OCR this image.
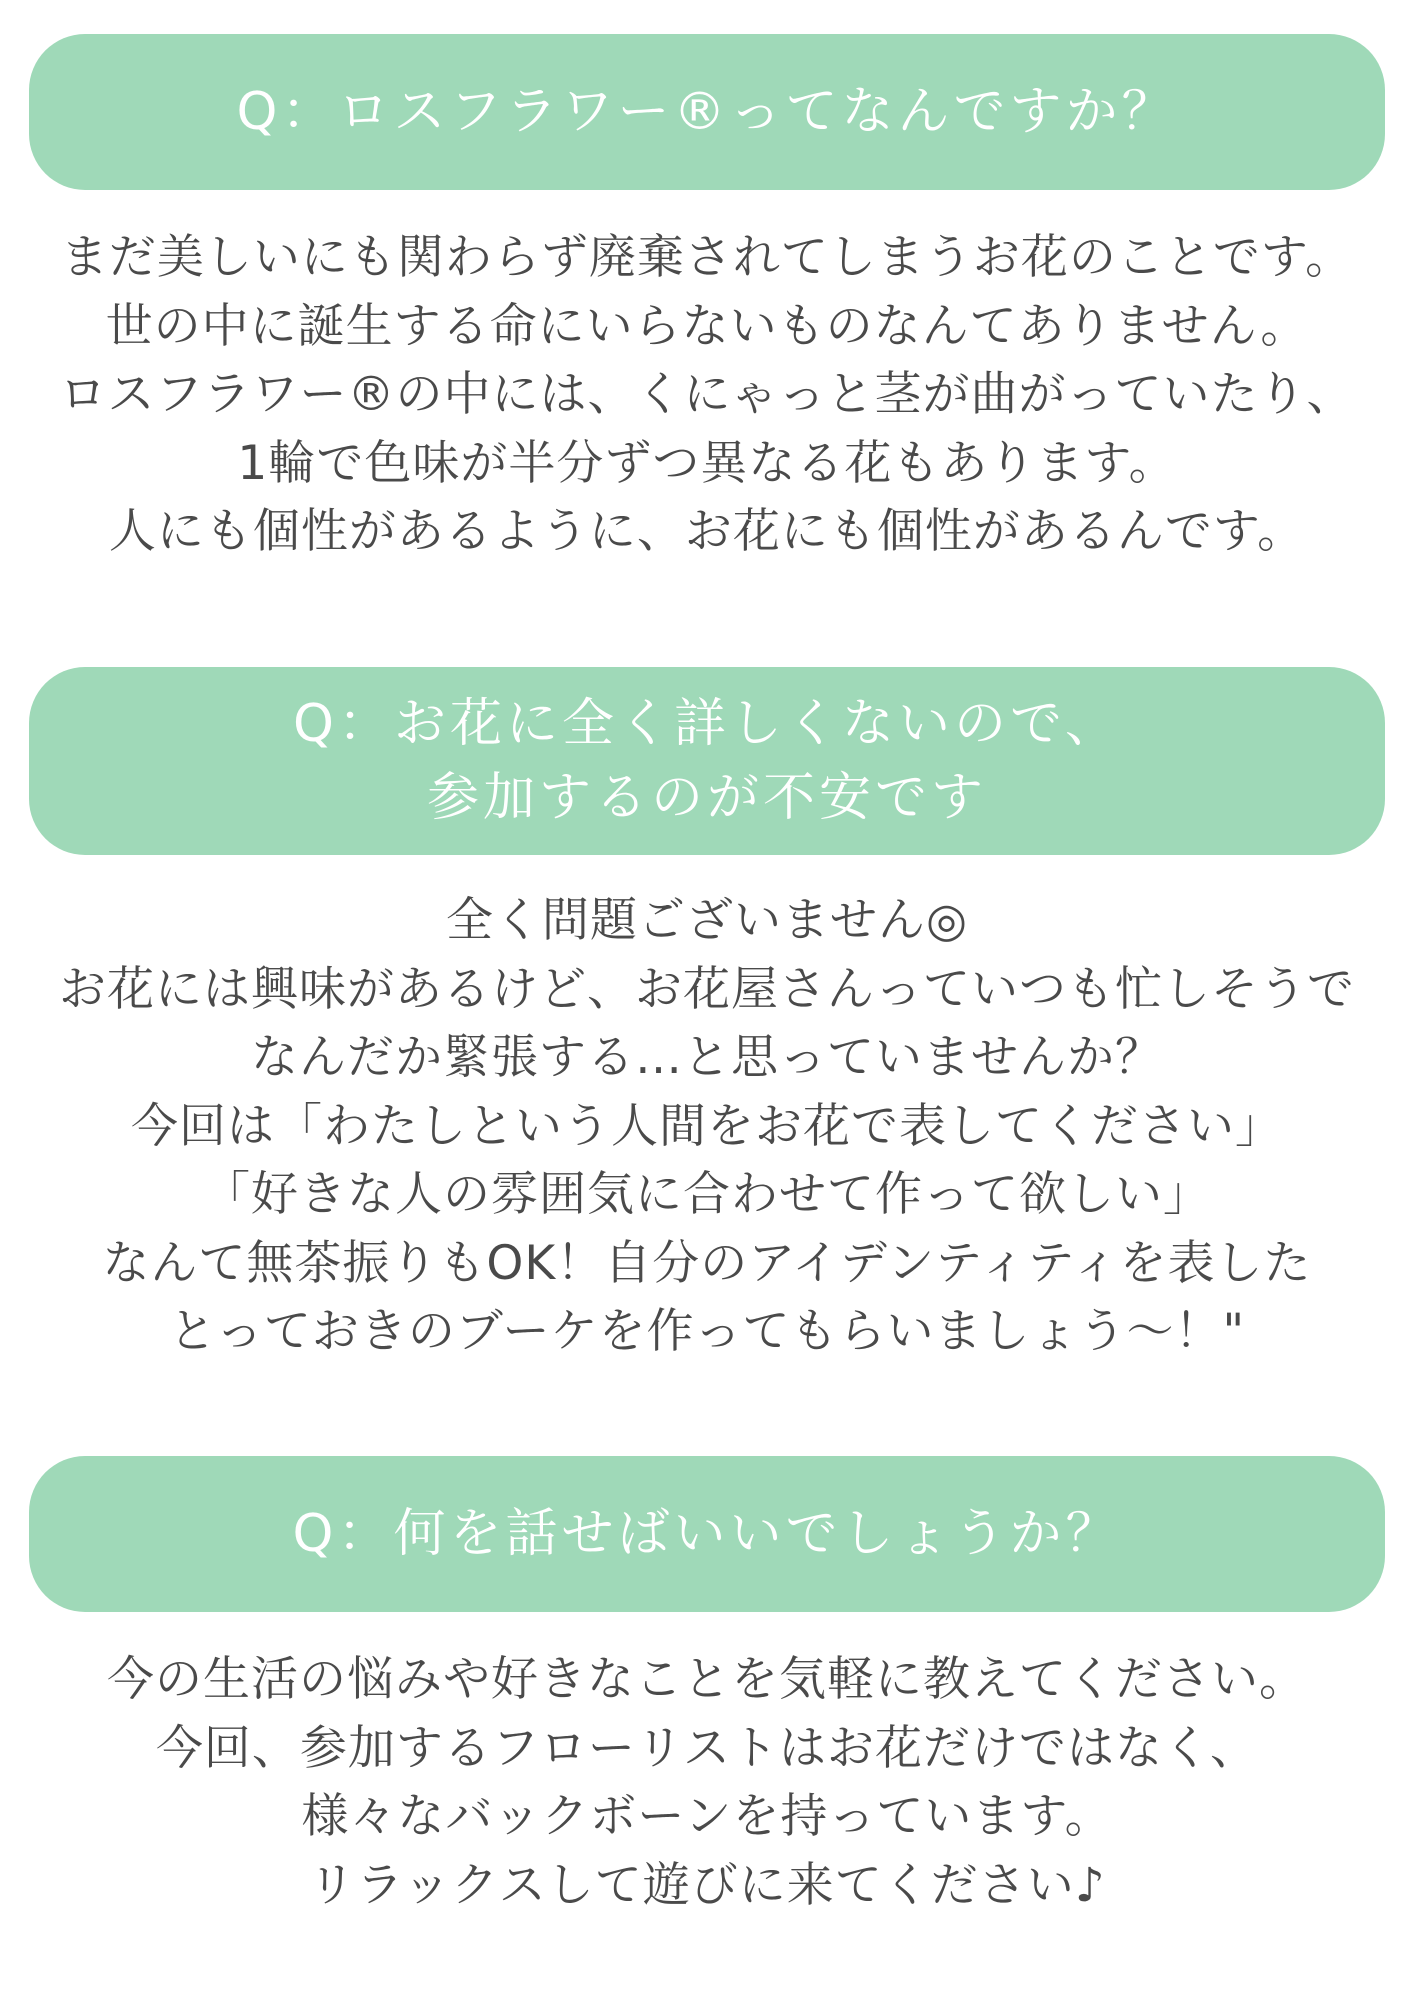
Q：ロスフラワー®ってなんですか？
まだ美しいにも関わらず廃棄されてしまうお花のことです。
世の中に誕生する命にいらないものなんてありません。
ロスフラワー®の中には、くにゃっと茎が曲がっていたり、
1輪で色味が半分ずつ異なる花もあります。
人にも個性があるように、お花にも個性があるんです。
Q：お花に全く詳しくないので、
参加するのが不安です
全く問題ございません◎
お花には興味があるけど、お花屋さんっていつも忙しそうで
なんだか緊張する…と思っていませんか？
今回は「わたしという人間をお花で表してください」
「好きな人の雰囲気に合わせて作って欲しい」
なんて無茶振りもOK！自分のアイデンティティを表した
とっておきのブーケを作ってもらいましょう〜！"
Q：何を話せばいいでしょうか？
今の生活の悩みや好きなことを気軽に教えてください。
今回、参加するフローリストはお花だけではなく、
様々なバックボーンを持っています。
リラックスして遊びに来てください♪
